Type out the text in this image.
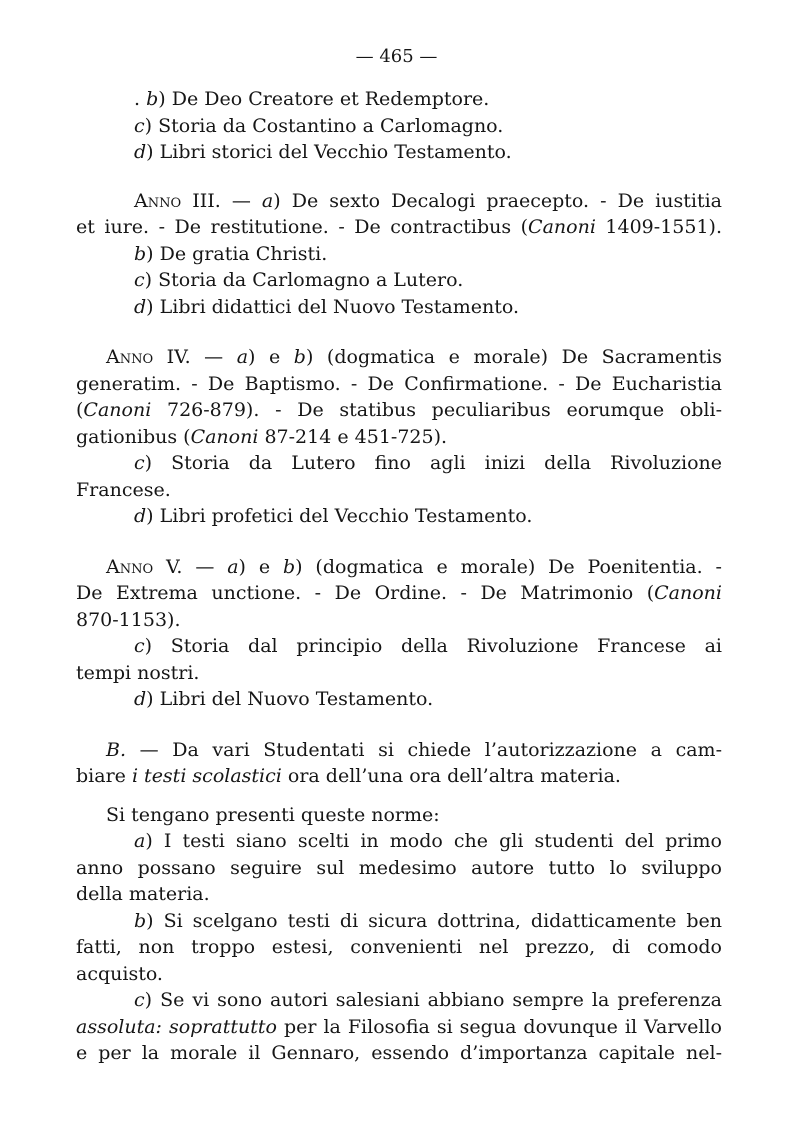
— 465 —
. b) De Deo Creatore et Redemptore.
c) Storia da Costantino a Carlomagno.
d) Libri storici del Vecchio Testamento.
Anno III. — a) De sexto Decalogi praecepto. - De iustitia
et iure. - De restitutione. - De contractibus (Canoni 1409-1551).
b) De gratia Christi.
c) Storia da Carlomagno a Lutero.
d) Libri didattici del Nuovo Testamento.
Anno IV. — a) e b) (dogmatica e morale) De Sacramentis
generatim. - De Baptismo. - De Confirmatione. - De Eucharistia
(Canoni 726-879). - De statibus peculiaribus eorumque obli-
gationibus (Canoni 87-214 e 451-725).
c) Storia da Lutero fino agli inizi della Rivoluzione
Francese.
d) Libri profetici del Vecchio Testamento.
Anno V. — a) e b) (dogmatica e morale) De Poenitentia. -
De Extrema unctione. - De Ordine. - De Matrimonio (Canoni
870-1153).
c) Storia dal principio della Rivoluzione Francese ai
tempi nostri.
d) Libri del Nuovo Testamento.
B. — Da vari Studentati si chiede l’autorizzazione a cam-
biare i testi scolastici ora dell’una ora dell’altra materia.
Si tengano presenti queste norme:
a) I testi siano scelti in modo che gli studenti del primo
anno possano seguire sul medesimo autore tutto lo sviluppo
della materia.
b) Si scelgano testi di sicura dottrina, didatticamente ben
fatti, non troppo estesi, convenienti nel prezzo, di comodo
acquisto.
c) Se vi sono autori salesiani abbiano sempre la preferenza
assoluta: soprattutto per la Filosofia si segua dovunque il Varvello
e per la morale il Gennaro, essendo d’importanza capitale nel-
